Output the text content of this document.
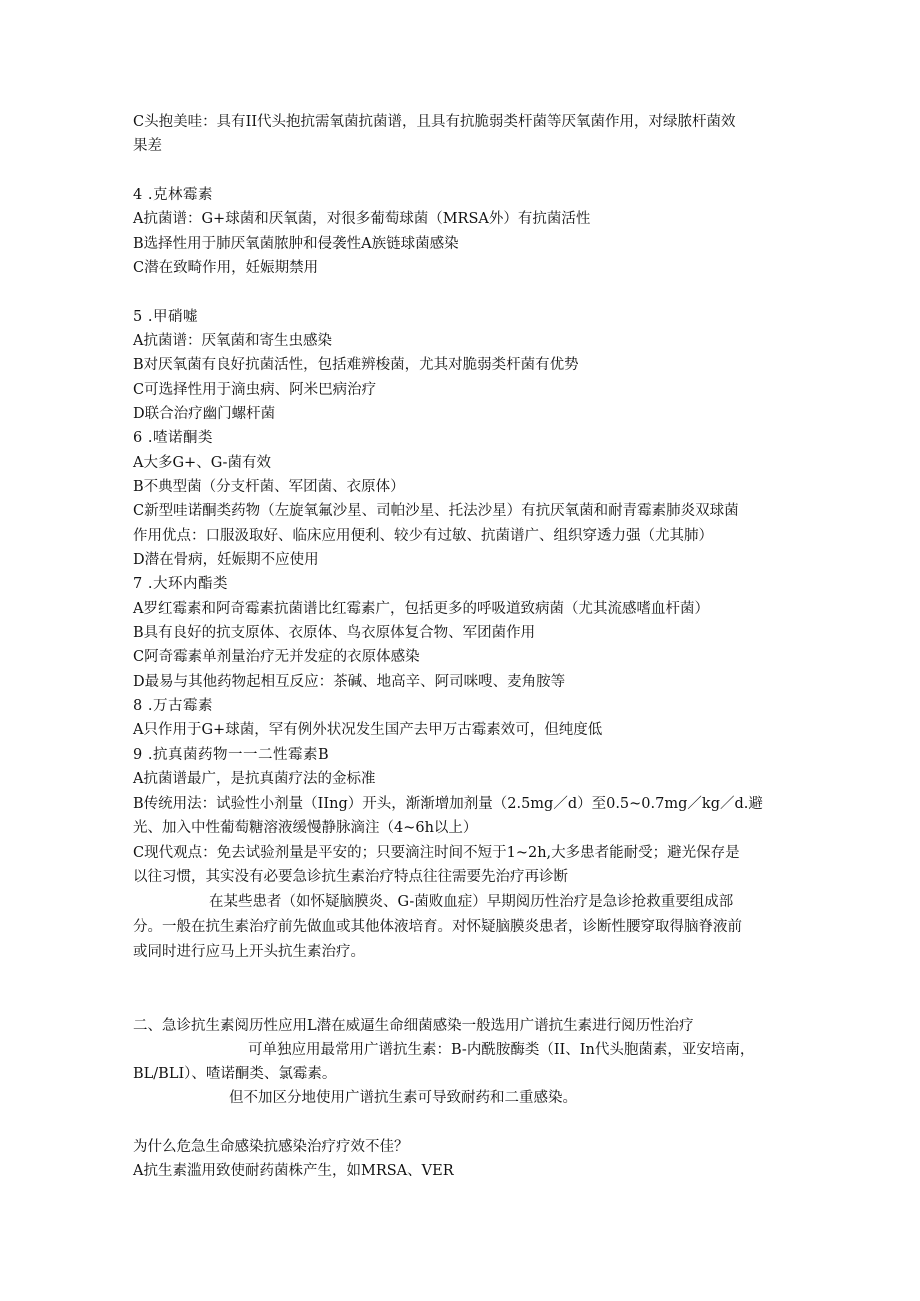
C头抱美哇：具有II代头抱抗需氧菌抗菌谱，且具有抗脆弱类杆菌等厌氧菌作用，对绿脓杆菌效
果差
4 .克林霉素
A抗菌谱：G+球菌和厌氧菌，对很多葡萄球菌（MRSA外）有抗菌活性
B选择性用于肺厌氧菌脓肿和侵袭性A族链球菌感染
C潜在致畸作用，妊娠期禁用
5 .甲硝嘘
A抗菌谱：厌氧菌和寄生虫感染
B对厌氧菌有良好抗菌活性，包括难辨梭菌，尤其对脆弱类杆菌有优势
C可选择性用于滴虫病、阿米巴病治疗
D联合治疗幽门螺杆菌
6 .喳诺酮类
A大多G+、G-菌有效
B不典型菌（分支杆菌、军团菌、衣原体）
C新型哇诺酮类药物（左旋氧氟沙星、司帕沙星、托法沙星）有抗厌氧菌和耐青霉素肺炎双球菌
作用优点：口服汲取好、临床应用便利、较少有过敏、抗菌谱广、组织穿透力强（尤其肺）
D潜在骨病，妊娠期不应使用
7 .大环内酯类
A罗红霉素和阿奇霉素抗菌谱比红霉素广，包括更多的呼吸道致病菌（尤其流感嗜血杆菌）
B具有良好的抗支原体、衣原体、鸟衣原体复合物、军团菌作用
C阿奇霉素单剂量治疗无并发症的衣原体感染
D最易与其他药物起相互反应：茶碱、地高辛、阿司咪嗖、麦角胺等
8 .万古霉素
A只作用于G+球菌，罕有例外状况发生国产去甲万古霉素效可，但纯度低
9 .抗真菌药物一一二性霉素B
A抗菌谱最广，是抗真菌疗法的金标准
B传统用法：试验性小剂量（IIng）开头，渐渐增加剂量（2.5mg／d）至0.5~0.7mg／kg／d.避
光、加入中性葡萄糖溶液缓慢静脉滴注（4~6h以上）
C现代观点：免去试验剂量是平安的；只要滴注时间不短于1~2h,大多患者能耐受；避光保存是
以往习惯，其实没有必要急诊抗生素治疗特点往往需要先治疗再诊断
在某些患者（如怀疑脑膜炎、G-菌败血症）早期阅历性治疗是急诊抢救重要组成部
分。一般在抗生素治疗前先做血或其他体液培育。对怀疑脑膜炎患者，诊断性腰穿取得脑脊液前
或同时进行应马上开头抗生素治疗。
二、急诊抗生素阅历性应用L潜在威逼生命细菌感染一般选用广谱抗生素进行阅历性治疗
可单独应用最常用广谱抗生素：B-内酰胺酶类（II、In代头胞菌素，亚安培南，
BL/BLI）、喳诺酮类、氯霉素。
但不加区分地使用广谱抗生素可导致耐药和二重感染。
为什么危急生命感染抗感染治疗疗效不佳？
A抗生素滥用致使耐药菌株产生，如MRSA、VER
